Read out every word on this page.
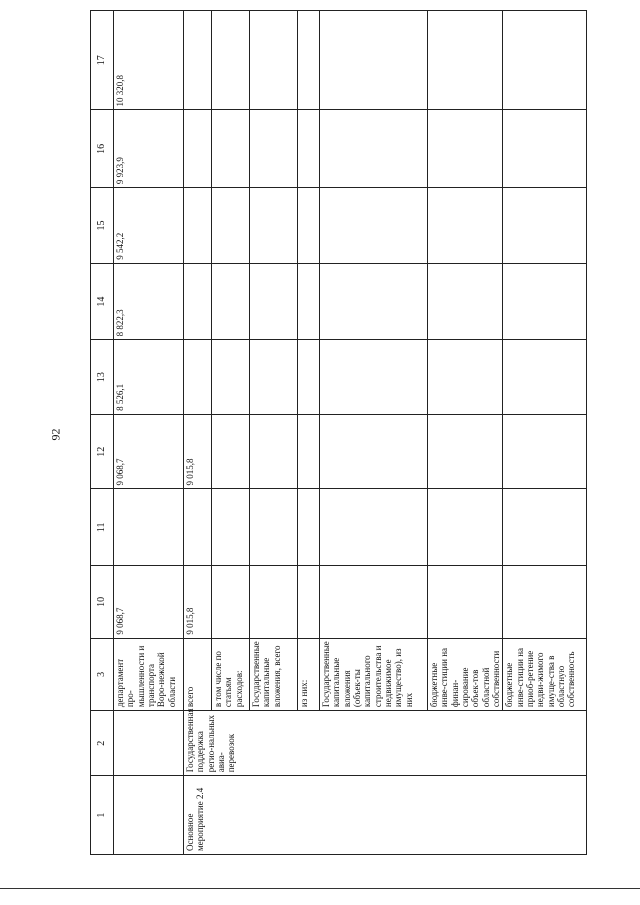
92
1	2	3	10	11	12	13	14	15	16	17
		департамент про-мышленности и транспорта Воро-нежской области	9 068,7		9 068,7	8 526,1	8 822,3	9 542,2	9 923,9	10 320,8
Основное мероприятие 2.4	Государственная поддержка регио-нальных авиа-перевозок	всего	9 015,8		9 015,8					
		в том числе по статьям расходов:								
		Государственные капитальные вложения, всего								
		из них:								
		Государственные капитальные вложения (объек-ты капитального строительства и недвижимое имущество), из них								
		бюджетные инве-стиции на финан-сирование объек-тов областной собственности								
		бюджетные инве-стиции на приоб-ретение недви-жимого имуще-ства в областную собственность								
